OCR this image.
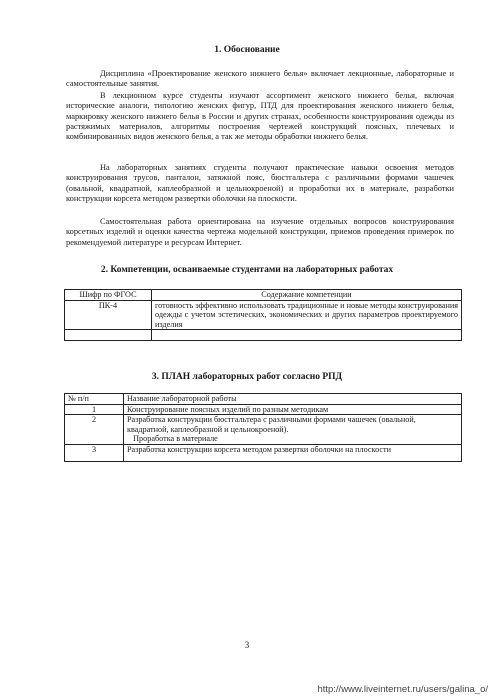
1. Обоснование

Дисциплина «Проектирование женского нижнего белья» включает лекционные, лабораторные и самостоятельные занятия.

В лекционном курсе студенты изучают ассортимент женского нижнего белья, включая исторические аналоги, типологию женских фигур, ПТД для проектирования женского нижнего белья, маркировку женского нижнего белья в России и других странах, особенности конструирования одежды из растяжимых материалов, алгоритмы построения чертежей конструкций поясных, плечевых и комбинированных видов женского белья, а так же методы обработки нижнего белья.

На лабораторных занятиях студенты получают практические навыки освоения методов конструирования трусов, панталон, затяжной пояс, бюстгальтера с различными формами чашечек (овальной, квадратной, каплеобразной и цельнокроеной) и проработки их в материале, разработки конструкции корсета методом развертки оболочки на плоскости.

Самостоятельная работа ориентирована на изучение отдельных вопросов конструирования корсетных изделий и оценки качества чертежа модельной конструкции, приемов проведения примерок по рекомендуемой литературе и ресурсам Интернет.

2. Компетенции, осваиваемые студентами на лабораторных работах
Шифр по ФГОС	Содержание компетенции
ПК-4	готовность эффективно использовать традиционные и новые методы конструирования одежды с учетом эстетических, экономических и других параметров проектируемого изделия

3. ПЛАН лабораторных работ согласно РПД
№ п/п	Название лабораторной работы
1	Конструирование поясных изделий по разным методикам
2	Разработка конструкции бюстгальтера с различными формами чашечек (овальной, квадратной, каплеобразной и цельнокроеной).
Проработка в материале
3	Разработка конструкции корсета методом развертки оболочки на плоскости
3
http://www.liveinternet.ru/users/galina_o/
